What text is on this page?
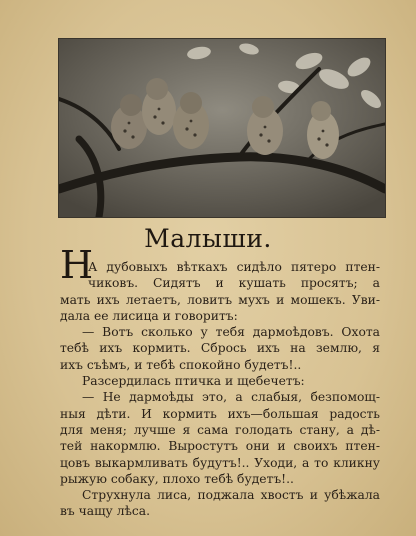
Малыши.
Н
А дубовыхъ вѣткахъ сидѣло пятеро птен-
чиковъ. Сидятъ и кушать просятъ; а
мать ихъ летаетъ, ловитъ мухъ и мошекъ. Уви-
дала ее лисица и говоритъ:
— Вотъ сколько у тебя дармоѣдовъ. Охота
тебѣ ихъ кормить. Сбрось ихъ на землю, я
ихъ съѣмъ, и тебѣ спокойно будетъ!..
Разсердилась птичка и щебечетъ:
— Не дармоѣды это, а слабыя, безпомощ-
ныя дѣти. И кормить ихъ—большая радость
для меня; лучше я сама голодать стану, а дѣ-
тей накормлю. Выростутъ они и своихъ птен-
цовъ выкармливать будутъ!.. Уходи, а то кликну
рыжую собаку, плохо тебѣ будетъ!..
Струхнула лиса, поджала хвостъ и убѣжала
въ чащу лѣса.
